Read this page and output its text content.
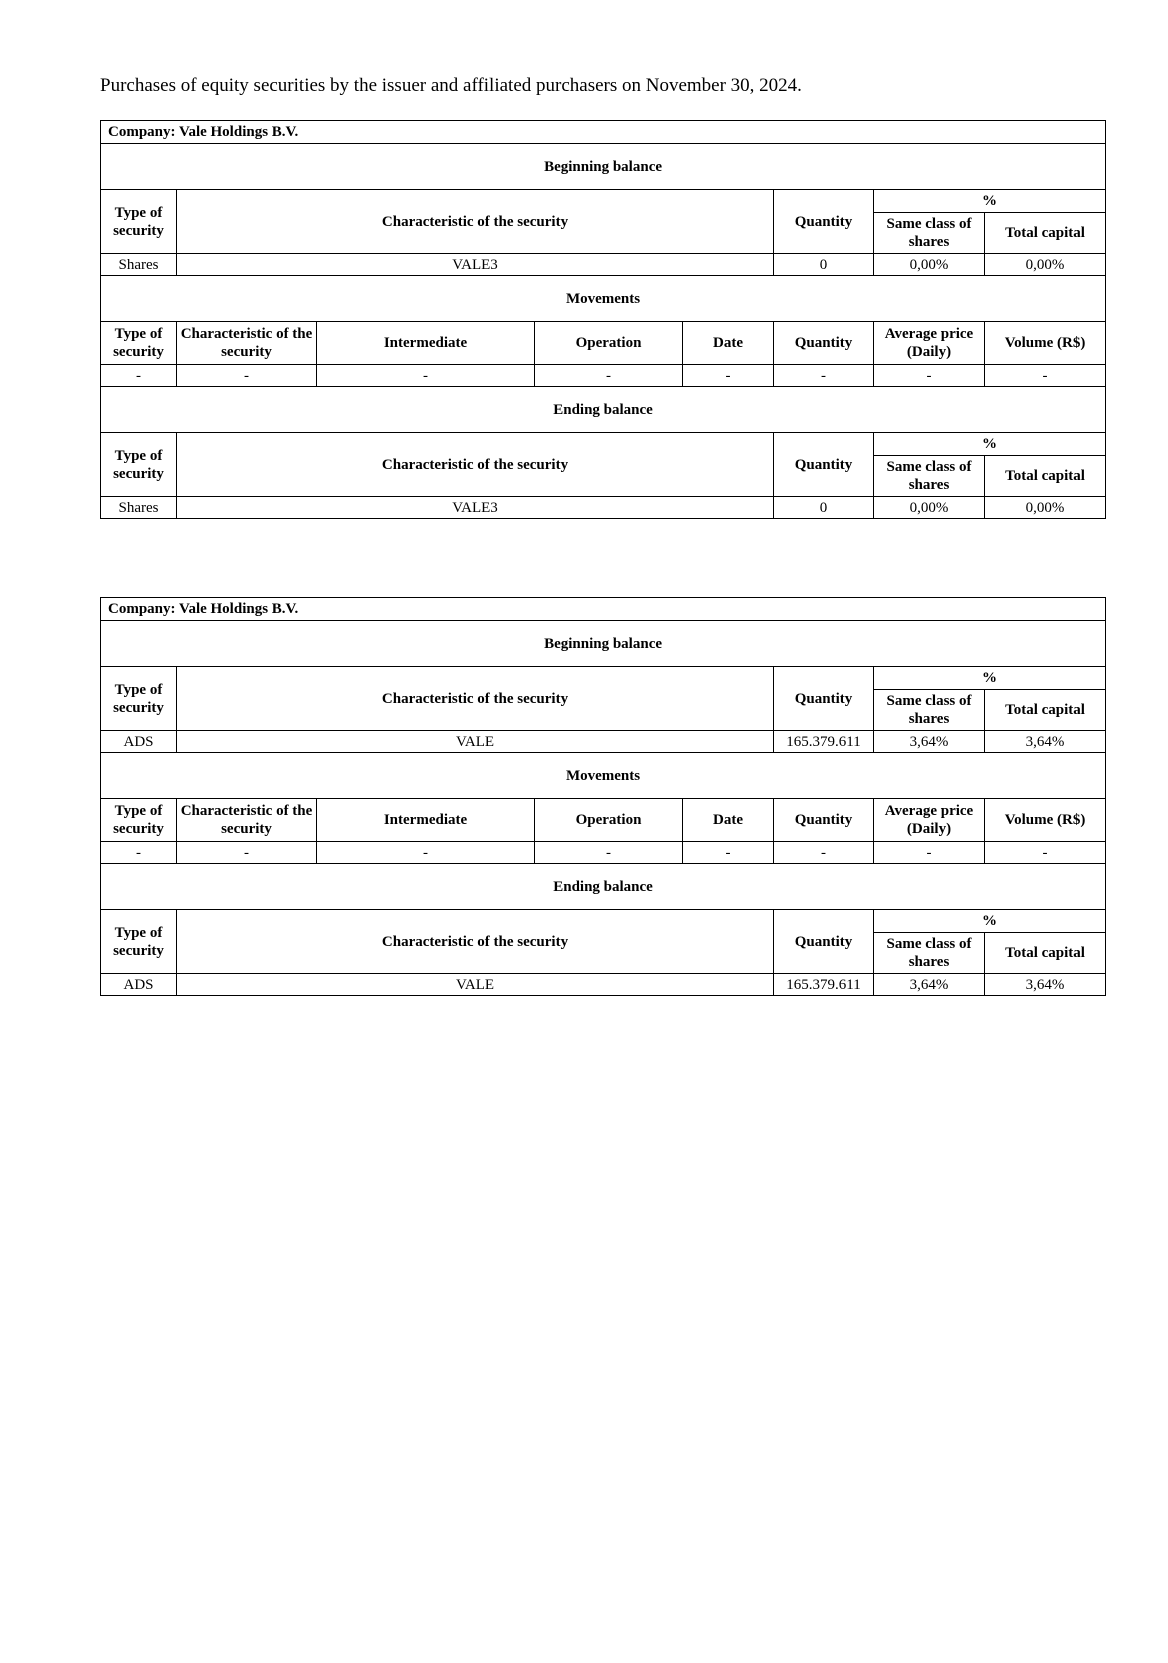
Purchases of equity securities by the issuer and affiliated purchasers on November 30, 2024.
Company: Vale Holdings B.V.							
Beginning balance							
Type of security	Characteristic of the security				Quantity	%	
						Same class of shares	Total capital
Shares	VALE3				0	0,00%	0,00%
Movements							
Type of security	Characteristic of the security	Intermediate	Operation	Date	Quantity	Average price (Daily)	Volume (R$)
-	-	-	-	-	-	-	-
Ending balance							
Type of security	Characteristic of the security				Quantity	%	
						Same class of shares	Total capital
Shares	VALE3				0	0,00%	0,00%
Company: Vale Holdings B.V.							
Beginning balance							
Type of security	Characteristic of the security				Quantity	%	
						Same class of shares	Total capital
ADS	VALE				165.379.611	3,64%	3,64%
Movements							
Type of security	Characteristic of the security	Intermediate	Operation	Date	Quantity	Average price (Daily)	Volume (R$)
-	-	-	-	-	-	-	-
Ending balance							
Type of security	Characteristic of the security				Quantity	%	
						Same class of shares	Total capital
ADS	VALE				165.379.611	3,64%	3,64%
